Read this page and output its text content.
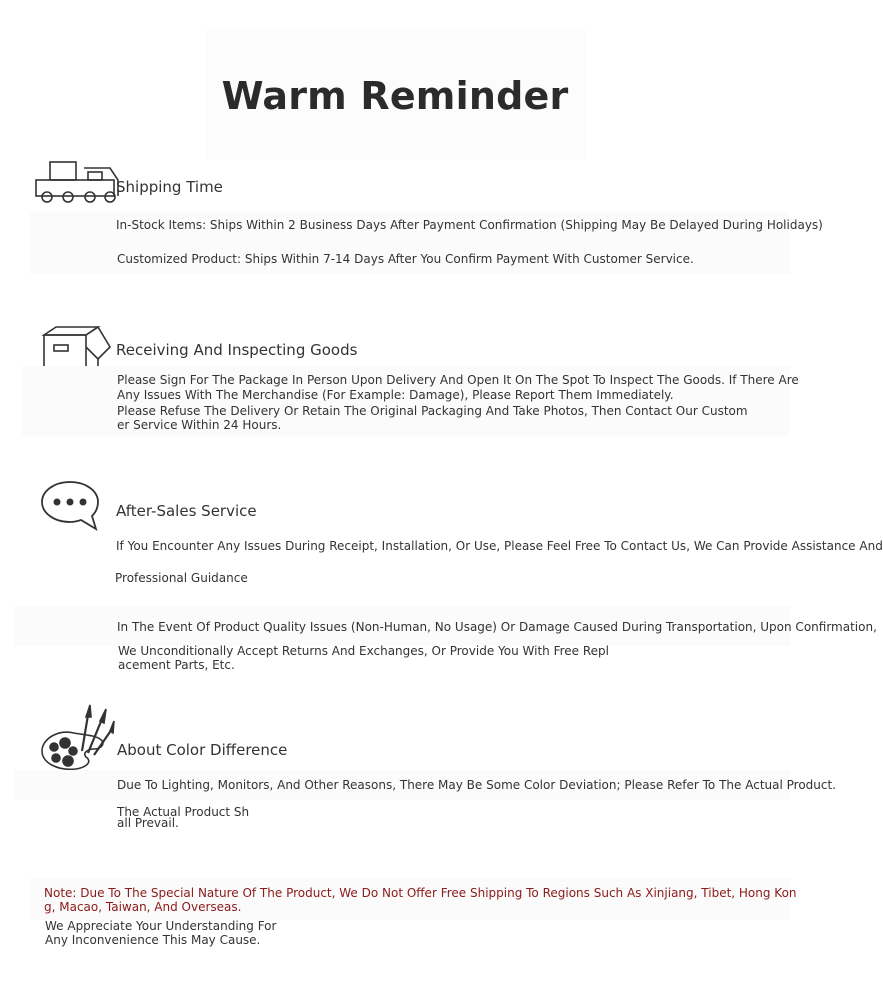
Warm Reminder
Shipping Time
In-Stock Items: Ships Within 2 Business Days After Payment Confirmation (Shipping May Be Delayed During Holidays)
Customized Product: Ships Within 7-14 Days After You Confirm Payment With Customer Service.
Receiving And Inspecting Goods
Please Sign For The Package In Person Upon Delivery And Open It On The Spot To Inspect The Goods. If There Are
Any Issues With The Merchandise (For Example: Damage), Please Report Them Immediately.
Please Refuse The Delivery Or Retain The Original Packaging And Take Photos, Then Contact Our Custom
er Service Within 24 Hours.
After-Sales Service
If You Encounter Any Issues During Receipt, Installation, Or Use, Please Feel Free To Contact Us, We Can Provide Assistance And
Professional Guidance
In The Event Of Product Quality Issues (Non-Human, No Usage) Or Damage Caused During Transportation, Upon Confirmation,
We Unconditionally Accept Returns And Exchanges, Or Provide You With Free Repl
acement Parts, Etc.
About Color Difference
Due To Lighting, Monitors, And Other Reasons, There May Be Some Color Deviation; Please Refer To The Actual Product.
The Actual Product Sh
all Prevail.
Note: Due To The Special Nature Of The Product, We Do Not Offer Free Shipping To Regions Such As Xinjiang, Tibet, Hong Kon
g, Macao, Taiwan, And Overseas.
We Appreciate Your Understanding For
Any Inconvenience This May Cause.
